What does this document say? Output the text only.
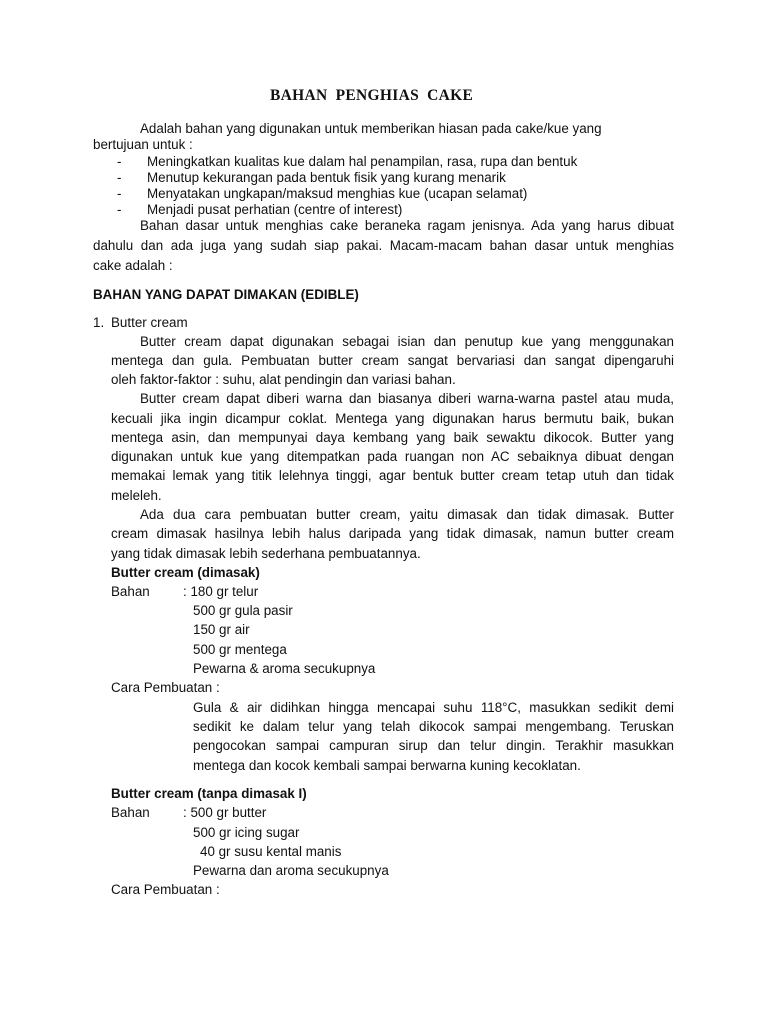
BAHAN PENGHIAS CAKE
Adalah bahan yang digunakan untuk memberikan hiasan pada cake/kue yang
bertujuan untuk :
- Meningkatkan kualitas kue dalam hal penampilan, rasa, rupa dan bentuk
- Menutup kekurangan pada bentuk fisik yang kurang menarik
- Menyatakan ungkapan/maksud menghias kue (ucapan selamat)
- Menjadi pusat perhatian (centre of interest)
Bahan dasar untuk menghias cake beraneka ragam jenisnya. Ada yang harus dibuat
dahulu dan ada juga yang sudah siap pakai. Macam-macam bahan dasar untuk menghias
cake adalah :
BAHAN YANG DAPAT DIMAKAN (EDIBLE)
1. Butter cream
Butter cream dapat digunakan sebagai isian dan penutup kue yang menggunakan
mentega dan gula. Pembuatan butter cream sangat bervariasi dan sangat dipengaruhi
oleh faktor-faktor : suhu, alat pendingin dan variasi bahan.
Butter cream dapat diberi warna dan biasanya diberi warna-warna pastel atau muda,
kecuali jika ingin dicampur coklat. Mentega yang digunakan harus bermutu baik, bukan
mentega asin, dan mempunyai daya kembang yang baik sewaktu dikocok. Butter yang
digunakan untuk kue yang ditempatkan pada ruangan non AC sebaiknya dibuat dengan
memakai lemak yang titik lelehnya tinggi, agar bentuk butter cream tetap utuh dan tidak
meleleh.
Ada dua cara pembuatan butter cream, yaitu dimasak dan tidak dimasak. Butter
cream dimasak hasilnya lebih halus daripada yang tidak dimasak, namun butter cream
yang tidak dimasak lebih sederhana pembuatannya.
Butter cream (dimasak)
Bahan : 180 gr telur
500 gr gula pasir
150 gr air
500 gr mentega
Pewarna & aroma secukupnya
Cara Pembuatan :
Gula & air didihkan hingga mencapai suhu 118°C, masukkan sedikit demi
sedikit ke dalam telur yang telah dikocok sampai mengembang. Teruskan
pengocokan sampai campuran sirup dan telur dingin. Terakhir masukkan
mentega dan kocok kembali sampai berwarna kuning kecoklatan.
Butter cream (tanpa dimasak I)
Bahan : 500 gr butter
500 gr icing sugar
40 gr susu kental manis
Pewarna dan aroma secukupnya
Cara Pembuatan :
